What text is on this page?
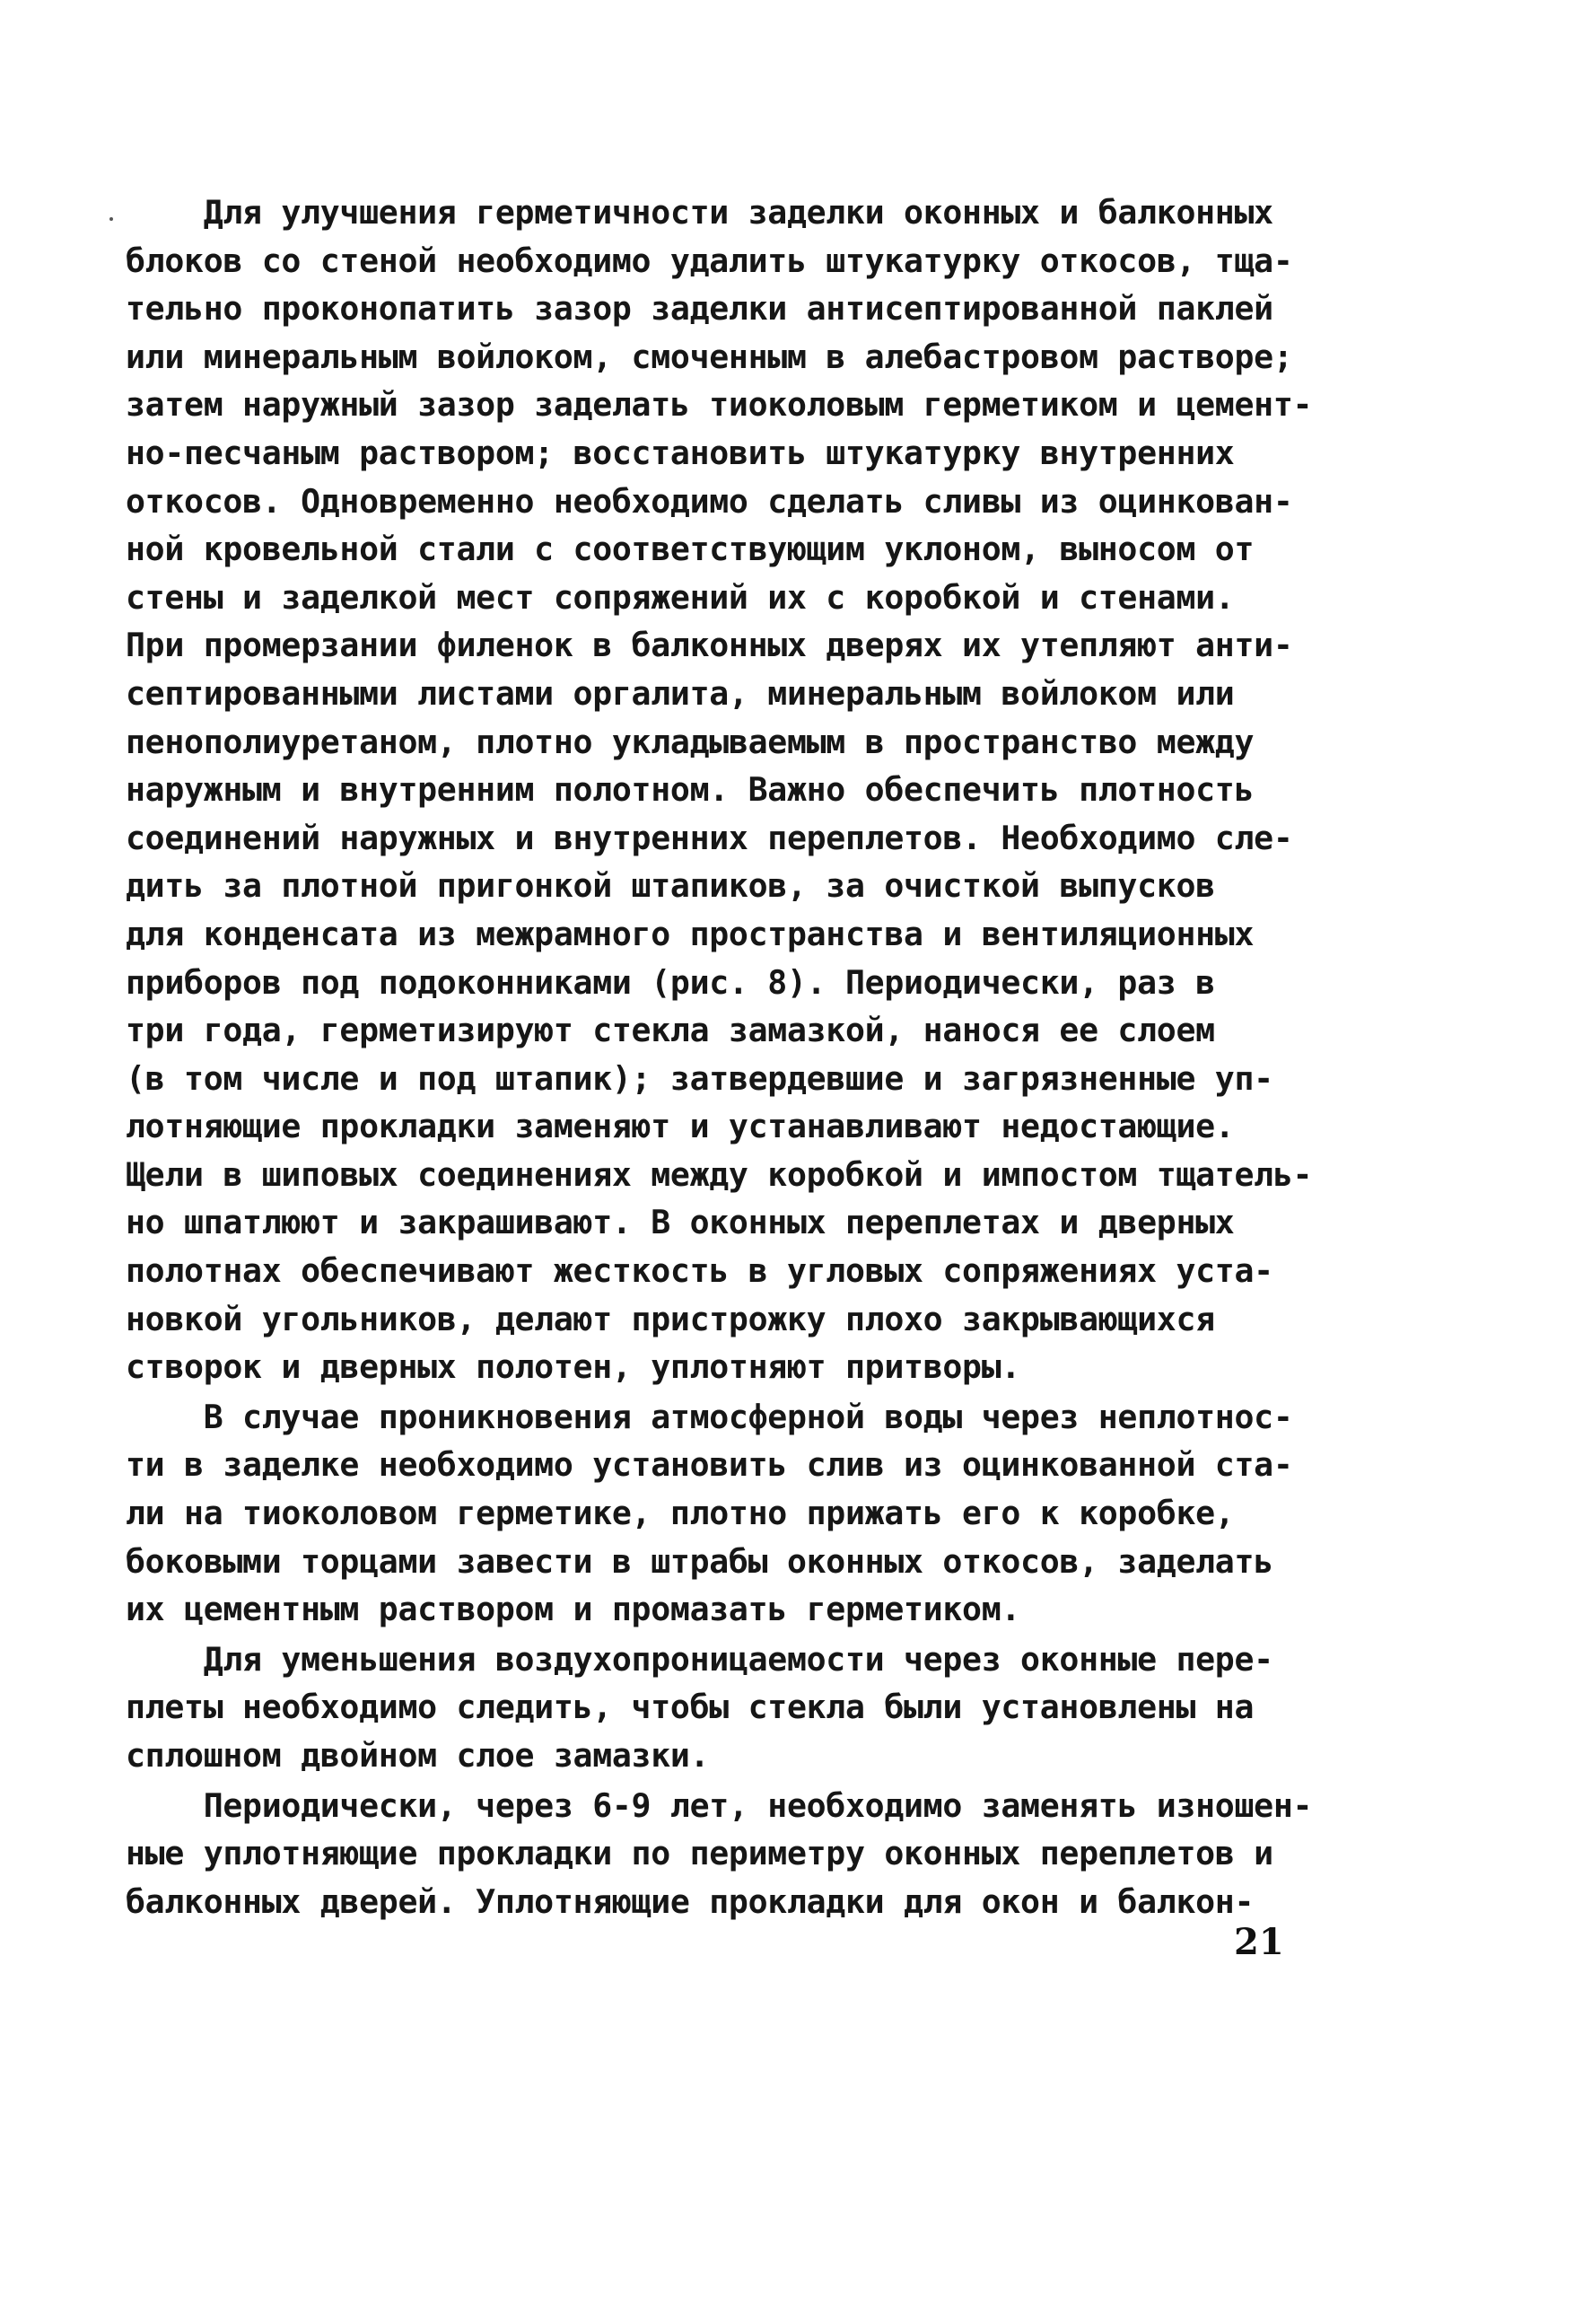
Для улучшения герметичности заделки оконных и балконных
блоков со стеной необходимо удалить штукатурку откосов, тща-
тельно проконопатить зазор заделки антисептированной паклей
или минеральным войлоком, смоченным в алебастровом растворе;
затем наружный зазор заделать тиоколовым герметиком и цемент-
но-песчаным раствором; восстановить штукатурку внутренних
откосов. Одновременно необходимо сделать сливы из оцинкован-
ной кровельной стали с соответствующим уклоном, выносом от
стены и заделкой мест сопряжений их с коробкой и стенами.
При промерзании филенок в балконных дверях их утепляют анти-
септированными листами оргалита, минеральным войлоком или
пенополиуретаном, плотно укладываемым в пространство между
наружным и внутренним полотном. Важно обеспечить плотность
соединений наружных и внутренних переплетов. Необходимо сле-
дить за плотной пригонкой штапиков, за очисткой выпусков
для конденсата из межрамного пространства и вентиляционных
приборов под подоконниками (рис. 8). Периодически, раз в
три года, герметизируют стекла замазкой, нанося ее слоем
(в том числе и под штапик); затвердевшие и загрязненные уп-
лотняющие прокладки заменяют и устанавливают недостающие.
Щели в шиповых соединениях между коробкой и импостом тщатель-
но шпатлюют и закрашивают. В оконных переплетах и дверных
полотнах обеспечивают жесткость в угловых сопряжениях уста-
новкой угольников, делают пристрожку плохо закрывающихся
створок и дверных полотен, уплотняют притворы.
В случае проникновения атмосферной воды через неплотнос-
ти в заделке необходимо установить слив из оцинкованной ста-
ли на тиоколовом герметике, плотно прижать его к коробке,
боковыми торцами завести в штрабы оконных откосов, заделать
их цементным раствором и промазать герметиком.
Для уменьшения воздухопроницаемости через оконные пере-
плеты необходимо следить, чтобы стекла были установлены на
сплошном двойном слое замазки.
Периодически, через 6-9 лет, необходимо заменять изношен-
ные уплотняющие прокладки по периметру оконных переплетов и
балконных дверей. Уплотняющие прокладки для окон и балкон-
21
